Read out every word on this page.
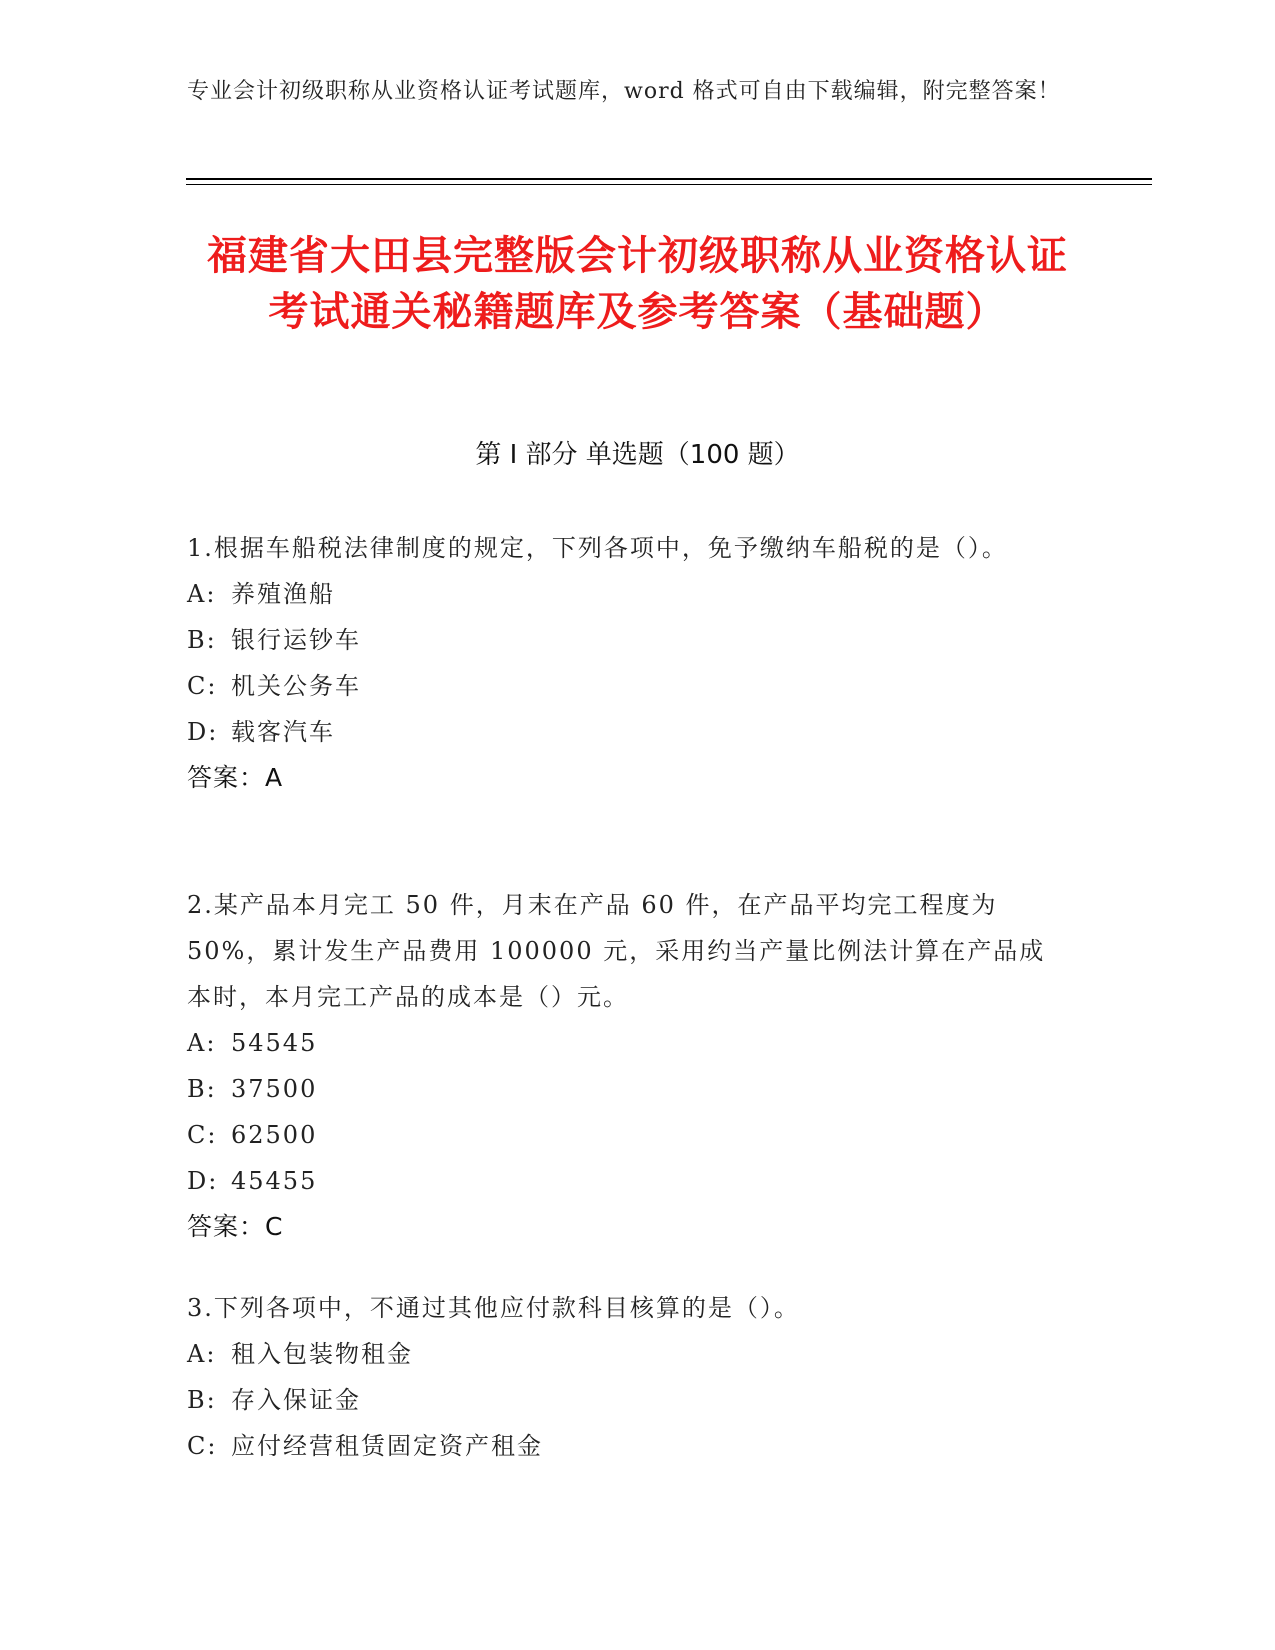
专业会计初级职称从业资格认证考试题库，word 格式可自由下载编辑，附完整答案！
福建省大田县完整版会计初级职称从业资格认证考试通关秘籍题库及参考答案（基础题）
第 I 部分 单选题（100 题）
1.根据车船税法律制度的规定，下列各项中，免予缴纳车船税的是（）。
A: 养殖渔船
B: 银行运钞车
C: 机关公务车
D: 载客汽车
答案：A
2.某产品本月完工 50 件，月末在产品 60 件，在产品平均完工程度为 50%，累计发生产品费用 100000 元，采用约当产量比例法计算在产品成本时，本月完工产品的成本是（）元。
A: 54545
B: 37500
C: 62500
D: 45455
答案：C
3.下列各项中，不通过其他应付款科目核算的是（）。
A: 租入包装物租金
B: 存入保证金
C: 应付经营租赁固定资产租金
